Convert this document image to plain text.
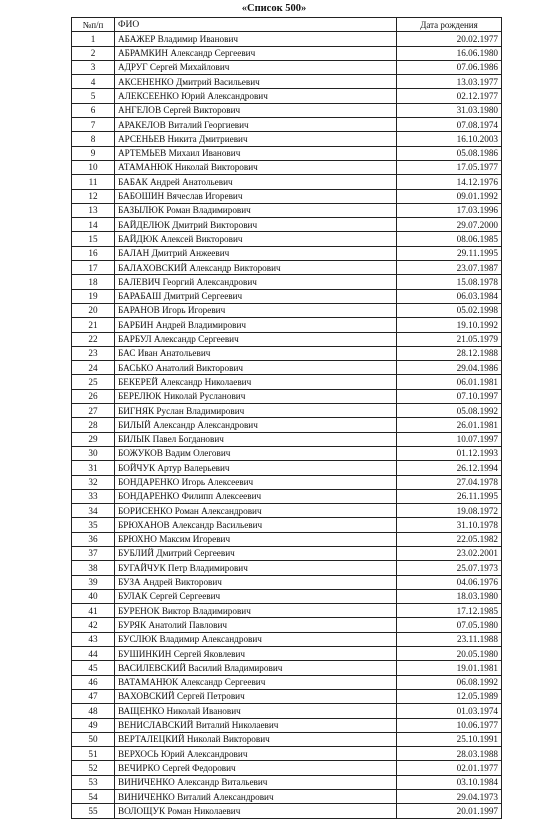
«Список 500»
№п/п	ФИО	Дата рождения
1	АБАЖЕР Владимир Иванович	20.02.1977
2	АБРАМКИН Александр Сергеевич	16.06.1980
3	АДРУГ Сергей Михайлович	07.06.1986
4	АКСЕНЕНКО Дмитрий Васильевич	13.03.1977
5	АЛЕКСЕЕНКО Юрий Александрович	02.12.1977
6	АНГЕЛОВ Сергей Викторович	31.03.1980
7	АРАКЕЛОВ Виталий Георгиевич	07.08.1974
8	АРСЕНЬЕВ Никита Дмитриевич	16.10.2003
9	АРТЕМЬЕВ Михаил Иванович	05.08.1986
10	АТАМАНЮК Николай Викторович	17.05.1977
11	БАБАК Андрей Анатольевич	14.12.1976
12	БАБОШИН Вячеслав Игоревич	09.01.1992
13	БАЗЫЛЮК Роман Владимирович	17.03.1996
14	БАЙДЕЛЮК Дмитрий Викторович	29.07.2000
15	БАЙДЮК Алексей Викторович	08.06.1985
16	БАЛАН Дмитрий Анжеевич	29.11.1995
17	БАЛАХОВСКИЙ Александр Викторович	23.07.1987
18	БАЛЕВИЧ Георгий Александрович	15.08.1978
19	БАРАБАШ Дмитрий Сергеевич	06.03.1984
20	БАРАНОВ Игорь Игоревич	05.02.1998
21	БАРБИН Андрей Владимирович	19.10.1992
22	БАРБУЛ Александр Сергеевич	21.05.1979
23	БАС Иван Анатольевич	28.12.1988
24	БАСЬКО Анатолий Викторович	29.04.1986
25	БЕКЕРЕЙ Александр Николаевич	06.01.1981
26	БЕРЕЛЮК Николай Русланович	07.10.1997
27	БИГНЯК Руслан Владимирович	05.08.1992
28	БИЛЫЙ Александр Александрович	26.01.1981
29	БИЛЫК Павел Богданович	10.07.1997
30	БОЖУКОВ Вадим Олегович	01.12.1993
31	БОЙЧУК Артур Валерьевич	26.12.1994
32	БОНДАРЕНКО Игорь Алексеевич	27.04.1978
33	БОНДАРЕНКО Филипп Алексеевич	26.11.1995
34	БОРИСЕНКО Роман Александрович	19.08.1972
35	БРЮХАНОВ Александр Васильевич	31.10.1978
36	БРЮХНО Максим Игоревич	22.05.1982
37	БУБЛИЙ Дмитрий Сергеевич	23.02.2001
38	БУГАЙЧУК Петр Владимирович	25.07.1973
39	БУЗА Андрей Викторович	04.06.1976
40	БУЛАК Сергей Сергеевич	18.03.1980
41	БУРЕНОК Виктор Владимирович	17.12.1985
42	БУРЯК Анатолий Павлович	07.05.1980
43	БУСЛЮК Владимир Александрович	23.11.1988
44	БУШИНКИН Сергей Яковлевич	20.05.1980
45	ВАСИЛЕВСКИЙ Василий Владимирович	19.01.1981
46	ВАТАМАНЮК Александр Сергеевич	06.08.1992
47	ВАХОВСКИЙ Сергей Петрович	12.05.1989
48	ВАЩЕНКО Николай Иванович	01.03.1974
49	ВЕНИСЛАВСКИЙ Виталий Николаевич	10.06.1977
50	ВЕРТАЛЕЦКИЙ Николай Викторович	25.10.1991
51	ВЕРХОСЬ Юрий Александрович	28.03.1988
52	ВЕЧИРКО Сергей Федорович	02.01.1977
53	ВИНИЧЕНКО Александр Витальевич	03.10.1984
54	ВИНИЧЕНКО Виталий Александрович	29.04.1973
55	ВОЛОЩУК Роман Николаевич	20.01.1997
